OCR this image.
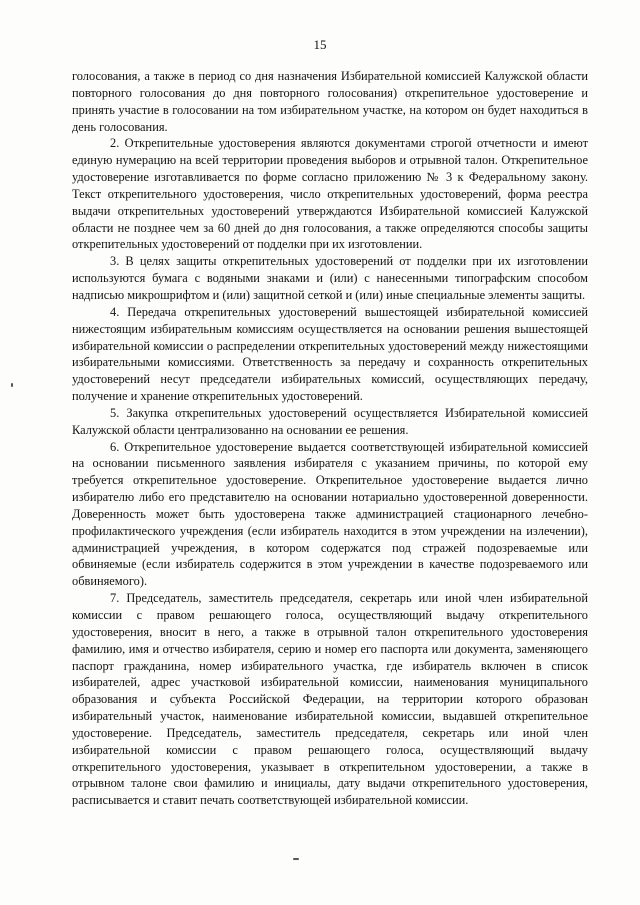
15

голосования, а также в период со дня назначения Избирательной комиссией Калужской области повторного голосования до дня повторного голосования) открепительное удостоверение и принять участие в голосовании на том избирательном участке, на котором он будет находиться в день голосования.

2. Открепительные удостоверения являются документами строгой отчетности и имеют единую нумерацию на всей территории проведения выборов и отрывной талон. Открепительное удостоверение изготавливается по форме согласно приложению № 3 к Федеральному закону. Текст открепительного удостоверения, число открепительных удостоверений, форма реестра выдачи открепительных удостоверений утверждаются Избирательной комиссией Калужской области не позднее чем за 60 дней до дня голосования, а также определяются способы защиты открепительных удостоверений от подделки при их изготовлении.

3. В целях защиты открепительных удостоверений от подделки при их изготовлении используются бумага с водяными знаками и (или) с нанесенными типографским способом надписью микрошрифтом и (или) защитной сеткой и (или) иные специальные элементы защиты.

4. Передача открепительных удостоверений вышестоящей избирательной комиссией нижестоящим избирательным комиссиям осуществляется на основании решения вышестоящей избирательной комиссии о распределении открепительных удостоверений между нижестоящими избирательными комиссиями. Ответственность за передачу и сохранность открепительных удостоверений несут председатели избирательных комиссий, осуществляющих передачу, получение и хранение открепительных удостоверений.

5. Закупка открепительных удостоверений осуществляется Избирательной комиссией Калужской области централизованно на основании ее решения.

6. Открепительное удостоверение выдается соответствующей избирательной комиссией на основании письменного заявления избирателя с указанием причины, по которой ему требуется открепительное удостоверение. Открепительное удостоверение выдается лично избирателю либо его представителю на основании нотариально удостоверенной доверенности. Доверенность может быть удостоверена также администрацией стационарного лечебно-профилактического учреждения (если избиратель находится в этом учреждении на излечении), администрацией учреждения, в котором содержатся под стражей подозреваемые или обвиняемые (если избиратель содержится в этом учреждении в качестве подозреваемого или обвиняемого).

7. Председатель, заместитель председателя, секретарь или иной член избирательной комиссии с правом решающего голоса, осуществляющий выдачу открепительного удостоверения, вносит в него, а также в отрывной талон открепительного удостоверения фамилию, имя и отчество избирателя, серию и номер его паспорта или документа, заменяющего паспорт гражданина, номер избирательного участка, где избиратель включен в список избирателей, адрес участковой избирательной комиссии, наименования муниципального образования и субъекта Российской Федерации, на территории которого образован избирательный участок, наименование избирательной комиссии, выдавшей открепительное удостоверение. Председатель, заместитель председателя, секретарь или иной член избирательной комиссии с правом решающего голоса, осуществляющий выдачу открепительного удостоверения, указывает в открепительном удостоверении, а также в отрывном талоне свои фамилию и инициалы, дату выдачи открепительного удостоверения, расписывается и ставит печать соответствующей избирательной комиссии.
